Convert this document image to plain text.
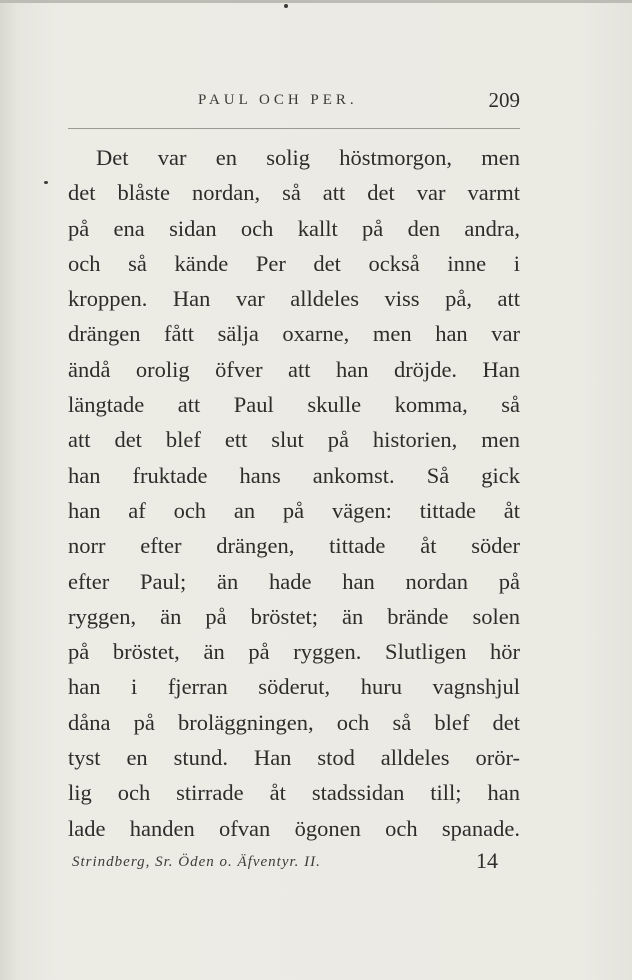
PAUL OCH PER.	209
Det var en solig höstmorgon, men
det blåste nordan, så att det var varmt
på ena sidan och kallt på den andra,
och så kände Per det också inne i
kroppen. Han var alldeles viss på, att
drängen fått sälja oxarne, men han var
ändå orolig öfver att han dröjde. Han
längtade att Paul skulle komma, så
att det blef ett slut på historien, men
han fruktade hans ankomst. Så gick
han af och an på vägen: tittade åt
norr efter drängen, tittade åt söder
efter Paul; än hade han nordan på
ryggen, än på bröstet; än brände solen
på bröstet, än på ryggen. Slutligen hör
han i fjerran söderut, huru vagnshjul
dåna på broläggningen, och så blef det
tyst en stund. Han stod alldeles orör-
lig och stirrade åt stadssidan till; han
lade handen ofvan ögonen och spanade.
Strindberg, Sr. Öden o. Äfventyr. II.	14
